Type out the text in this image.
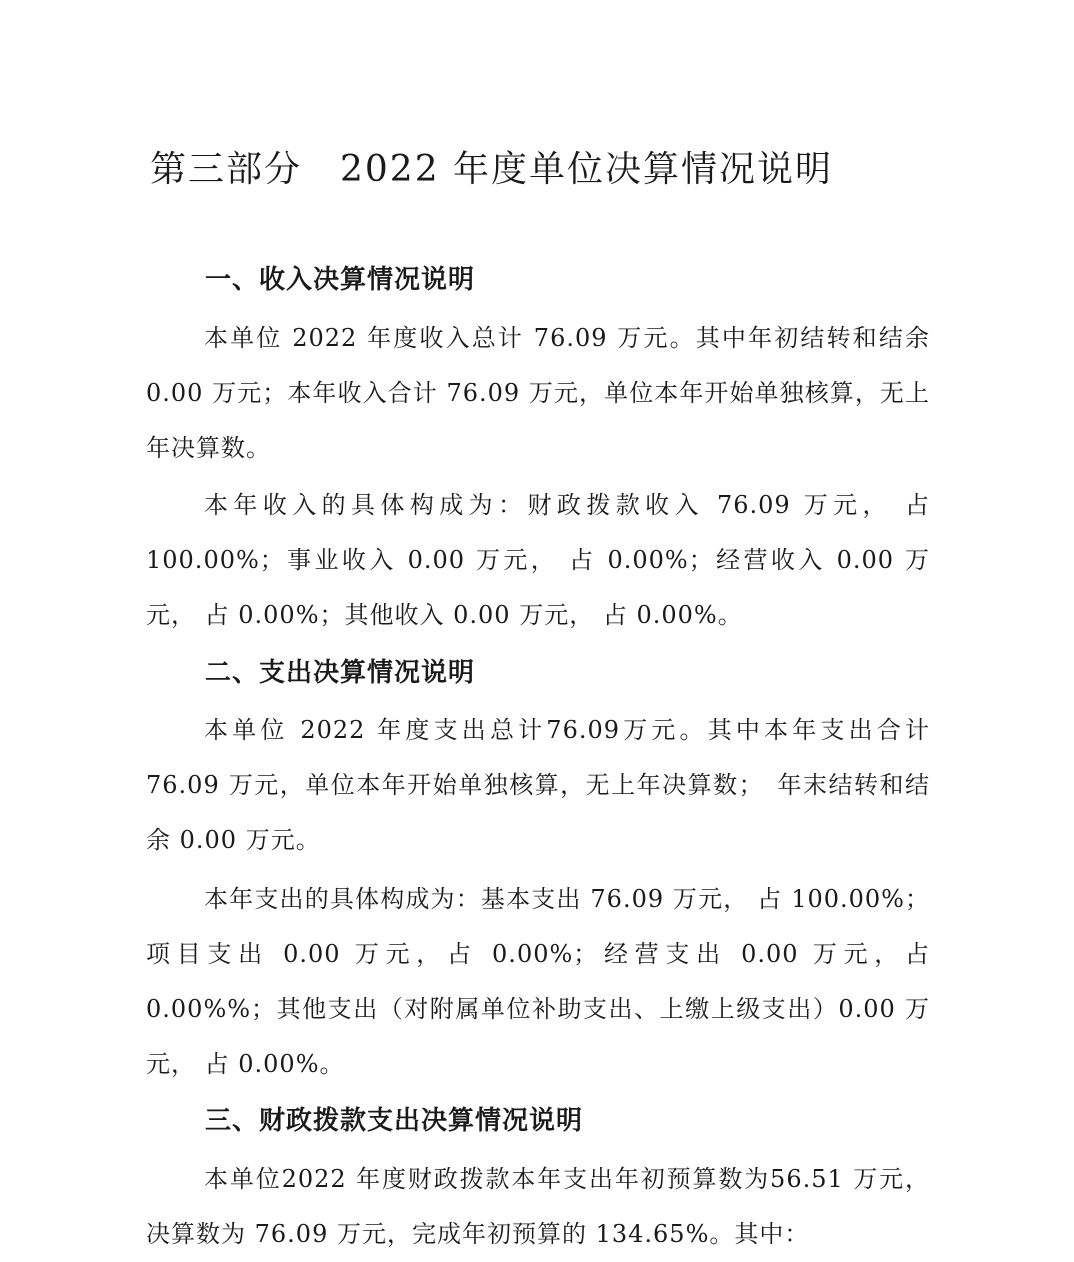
第三部分　2022 年度单位决算情况说明
一、收入决算情况说明

本单位 2022 年度收入总计 76.09 万元。其中年初结转和结余 0.00 万元；本年收入合计 76.09 万元，单位本年开始单独核算，无上年决算数。

本年收入的具体构成为：财政拨款收入 76.09 万元， 占 100.00%；事业收入 0.00 万元， 占 0.00%；经营收入 0.00 万元， 占 0.00%；其他收入 0.00 万元， 占 0.00%。

二、支出决算情况说明

本单位 2022 年度支出总计76.09万元。其中本年支出合计 76.09 万元，单位本年开始单独核算，无上年决算数；　年末结转和结余 0.00 万元。

本年支出的具体构成为：基本支出 76.09 万元， 占 100.00%；项目支出 0.00 万元，占 0.00%；经营支出 0.00 万元，占 0.00%%；其他支出（对附属单位补助支出、上缴上级支出）0.00 万元， 占 0.00%。

三、财政拨款支出决算情况说明

本单位2022 年度财政拨款本年支出年初预算数为56.51 万元，决算数为 76.09 万元，完成年初预算的 134.65%。其中：
